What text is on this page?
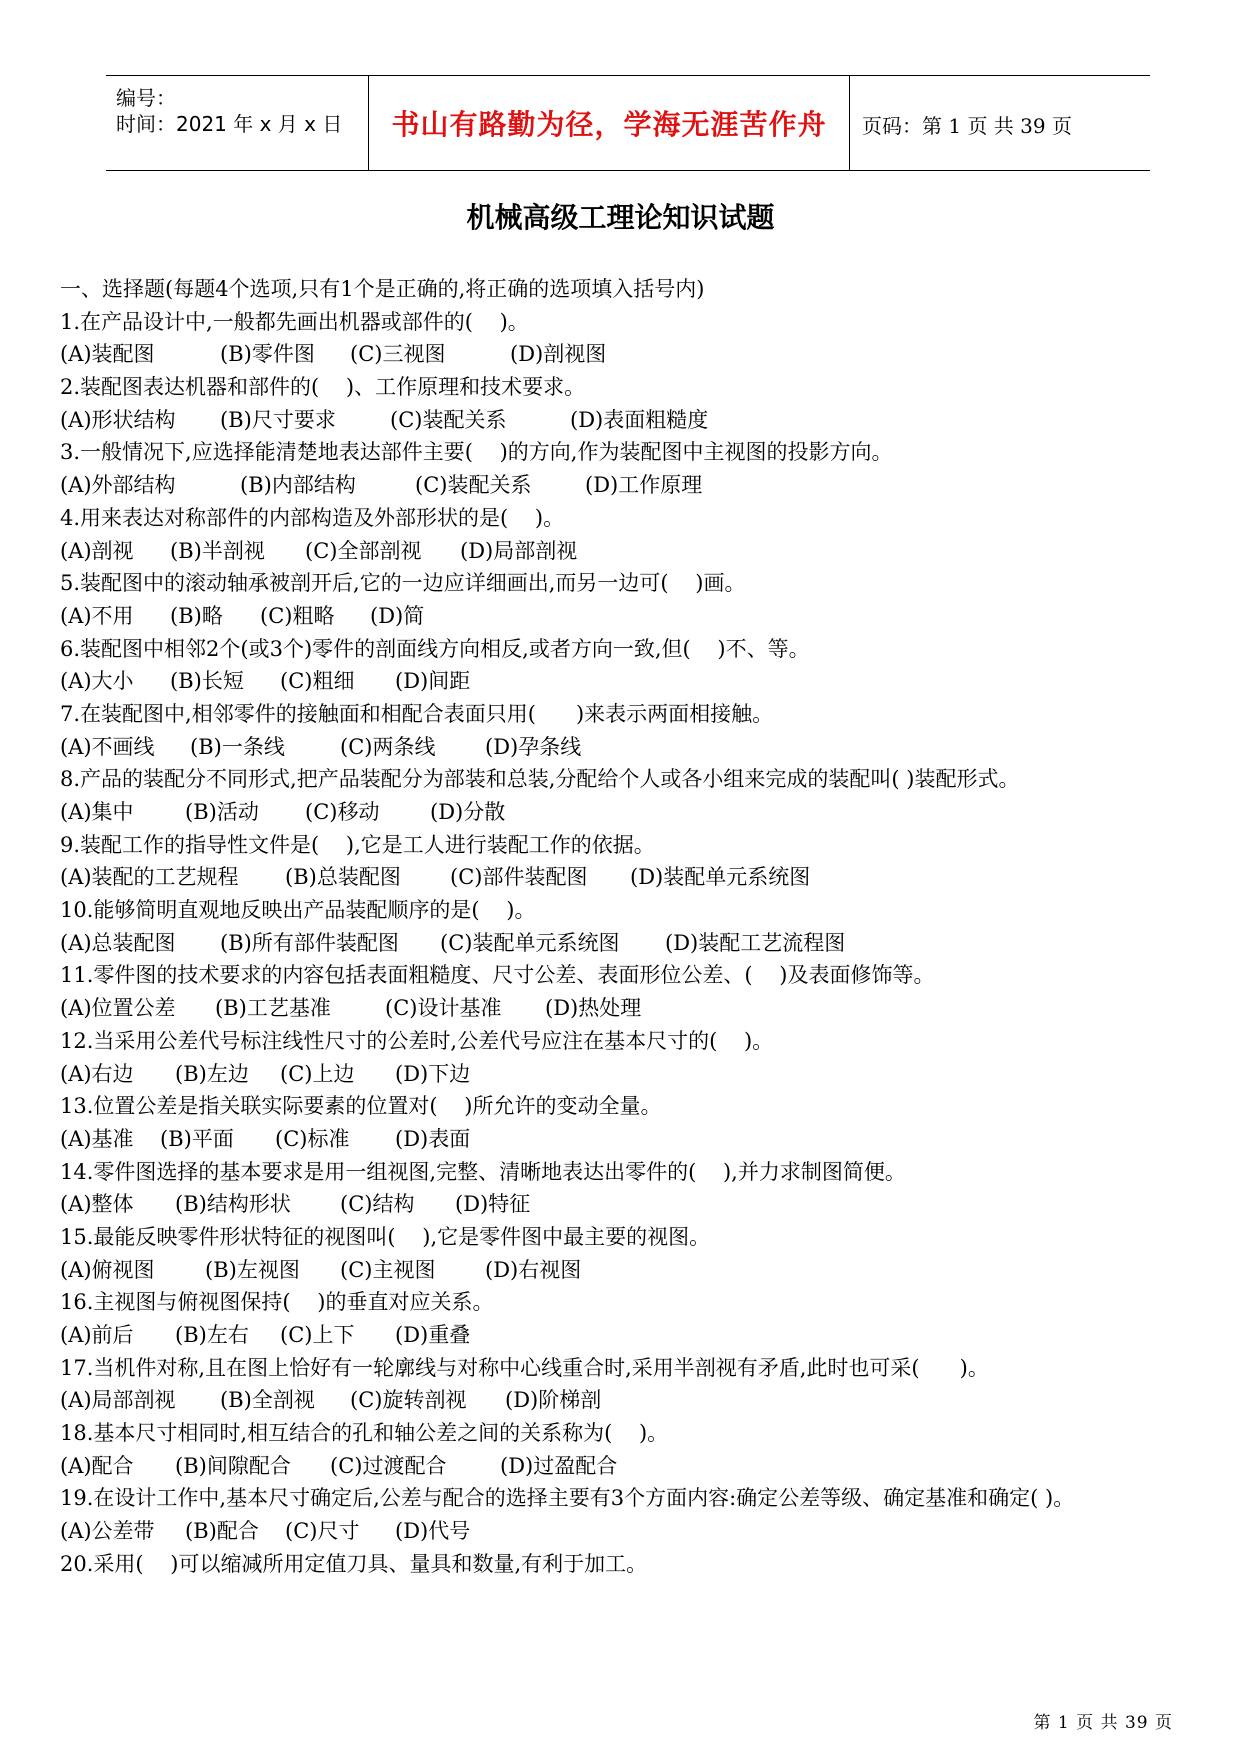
编号：
时间：2021 年 x 月 x 日	书山有路勤为径，学海无涯苦作舟	页码：第 1 页 共 39 页
机械高级工理论知识试题
一、选择题(每题4个选项,只有1个是正确的,将正确的选项填入括号内)
1.在产品设计中,一般都先画出机器或部件的(    )。
(A)装配图	(B)零件图 (C)三视图	(D)剖视图
2.装配图表达机器和部件的(    )、工作原理和技术要求。
(A)形状结构 (B)尺寸要求	(C)装配关系	(D)表面粗糙度
3.一般情况下,应选择能清楚地表达部件主要(    )的方向,作为装配图中主视图的投影方向。
(A)外部结构	(B)内部结构	(C)装配关系	(D)工作原理
4.用来表达对称部件的内部构造及外部形状的是(    )。
(A)剖视 (B)半剖视 (C)全部剖视 (D)局部剖视
5.装配图中的滚动轴承被剖开后,它的一边应详细画出,而另一边可(    )画。
(A)不用 (B)略 (C)粗略 (D)简
6.装配图中相邻2个(或3个)零件的剖面线方向相反,或者方向一致,但(    )不、等。
(A)大小 (B)长短 (C)粗细 (D)间距
7.在装配图中,相邻零件的接触面和相配合表面只用(      )来表示两面相接触。
(A)不画线 (B)一条线	(C)两条线 (D)孕条线
8.产品的装配分不同形式,把产品装配分为部装和总装,分配给个人或各小组来完成的装配叫( )装配形式。
(A)集中 (B)活动 (C)移动 (D)分散
9.装配工作的指导性文件是(    ),它是工人进行装配工作的依据。
(A)装配的工艺规程 (B)总装配图 (C)部件装配图 (D)装配单元系统图
10.能够简明直观地反映出产品装配顺序的是(    )。
(A)总装配图 (B)所有部件装配图 (C)装配单元系统图 (D)装配工艺流程图
11.零件图的技术要求的内容包括表面粗糙度、尺寸公差、表面形位公差、(    )及表面修饰等。
(A)位置公差 (B)工艺基准	(C)设计基准 (D)热处理
12.当采用公差代号标注线性尺寸的公差时,公差代号应注在基本尺寸的(    )。
(A)右边 (B)左边 (C)上边 (D)下边
13.位置公差是指关联实际要素的位置对(    )所允许的变动全量。
(A)基准 (B)平面 (C)标准 (D)表面
14.零件图选择的基本要求是用一组视图,完整、清晰地表达出零件的(    ),并力求制图简便。
(A)整体 (B)结构形状 (C)结构 (D)特征
15.最能反映零件形状特征的视图叫(    ),它是零件图中最主要的视图。
(A)俯视图 (B)左视图 (C)主视图 (D)右视图
16.主视图与俯视图保持(    )的垂直对应关系。
(A)前后 (B)左右 (C)上下 (D)重叠
17.当机件对称,且在图上恰好有一轮廓线与对称中心线重合时,采用半剖视有矛盾,此时也可采(      )。
(A)局部剖视 (B)全剖视 (C)旋转剖视 (D)阶梯剖
18.基本尺寸相同时,相互结合的孔和轴公差之间的关系称为(    )。
(A)配合 (B)间隙配合 (C)过渡配合	(D)过盈配合
19.在设计工作中,基本尺寸确定后,公差与配合的选择主要有3个方面内容:确定公差等级、确定基准和确定( )。
(A)公差带 (B)配合 (C)尺寸 (D)代号
20.采用(    )可以缩减所用定值刀具、量具和数量,有利于加工。
第 1 页 共 39 页
